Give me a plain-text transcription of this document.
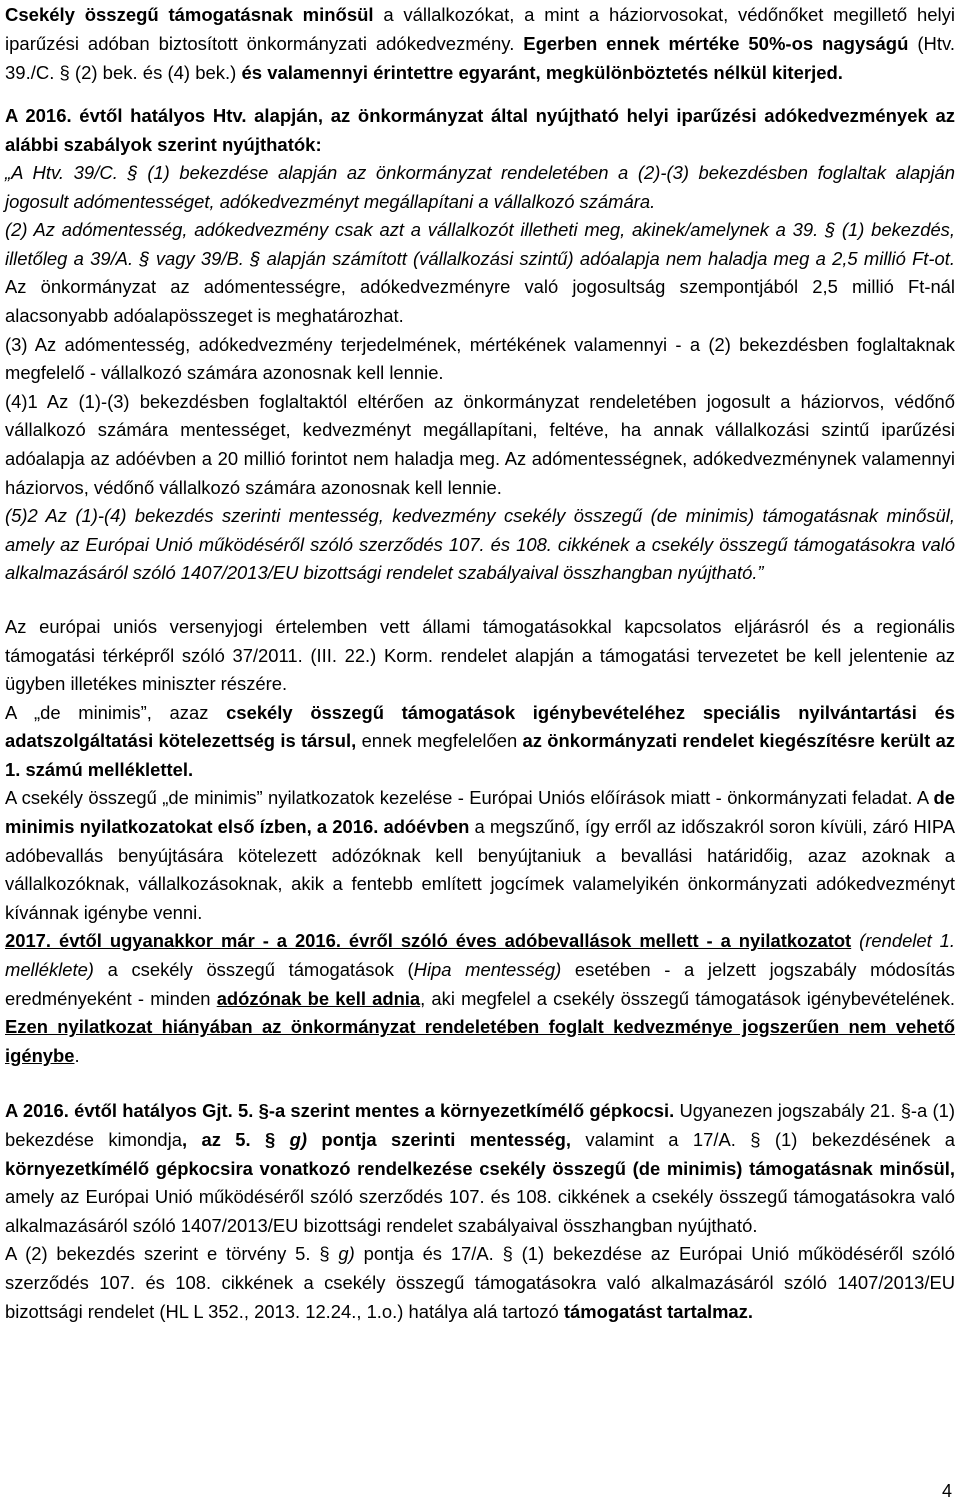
Csekély összegű támogatásnak minősül a vállalkozókat, a mint a háziorvosokat, védőnőket megillető helyi iparűzési adóban biztosított önkormányzati adókedvezmény. Egerben ennek mértéke 50%-os nagyságú (Htv. 39./C. § (2) bek. és (4) bek.) és valamennyi érintettre egyaránt, megkülönböztetés nélkül kiterjed.

A 2016. évtől hatályos Htv. alapján, az önkormányzat által nyújtható helyi iparűzési adókedvezmények az alábbi szabályok szerint nyújthatók:

„A Htv. 39/C. § (1) bekezdése alapján az önkormányzat rendeletében a (2)-(3) bekezdésben foglaltak alapján jogosult adómentességet, adókedvezményt megállapítani a vállalkozó számára.

(2) Az adómentesség, adókedvezmény csak azt a vállalkozót illetheti meg, akinek/amelynek a 39. § (1) bekezdés, illetőleg a 39/A. § vagy 39/B. § alapján számított (vállalkozási szintű) adóalapja nem haladja meg a 2,5 millió Ft-ot. Az önkormányzat az adómentességre, adókedvezményre való jogosultság szempontjából 2,5 millió Ft-nál alacsonyabb adóalapösszeget is meghatározhat.

(3) Az adómentesség, adókedvezmény terjedelmének, mértékének valamennyi - a (2) bekezdésben foglaltaknak megfelelő - vállalkozó számára azonosnak kell lennie.

(4)1 Az (1)-(3) bekezdésben foglaltaktól eltérően az önkormányzat rendeletében jogosult a háziorvos, védőnő vállalkozó számára mentességet, kedvezményt megállapítani, feltéve, ha annak vállalkozási szintű iparűzési adóalapja az adóévben a 20 millió forintot nem haladja meg. Az adómentességnek, adókedvezménynek valamennyi háziorvos, védőnő vállalkozó számára azonosnak kell lennie.

(5)2 Az (1)-(4) bekezdés szerinti mentesség, kedvezmény csekély összegű (de minimis) támogatásnak minősül, amely az Európai Unió működéséről szóló szerződés 107. és 108. cikkének a csekély összegű támogatásokra való alkalmazásáról szóló 1407/2013/EU bizottsági rendelet szabályaival összhangban nyújtható.”

Az európai uniós versenyjogi értelemben vett állami támogatásokkal kapcsolatos eljárásról és a regionális támogatási térképről szóló 37/2011. (III. 22.) Korm. rendelet alapján a támogatási tervezetet be kell jelentenie az ügyben illetékes miniszter részére.

A „de minimis”, azaz csekély összegű támogatások igénybevételéhez speciális nyilvántartási és adatszolgáltatási kötelezettség is társul, ennek megfelelően az önkormányzati rendelet kiegészítésre került az 1. számú melléklettel.

A csekély összegű „de minimis” nyilatkozatok kezelése - Európai Uniós előírások miatt - önkormányzati feladat. A de minimis nyilatkozatokat első ízben, a 2016. adóévben a megszűnő, így erről az időszakról soron kívüli, záró HIPA adóbevallás benyújtására kötelezett adózóknak kell benyújtaniuk a bevallási határidőig, azaz azoknak a vállalkozóknak, vállalkozásoknak, akik a fentebb említett jogcímek valamelyikén önkormányzati adókedvezményt kívánnak igénybe venni.

2017. évtől ugyanakkor már - a 2016. évről szóló éves adóbevallások mellett - a nyilatkozatot (rendelet 1. melléklete) a csekély összegű támogatások (Hipa mentesség) esetében - a jelzett jogszabály módosítás eredményeként - minden adózónak be kell adnia, aki megfelel a csekély összegű támogatások igénybevételének. Ezen nyilatkozat hiányában az önkormányzat rendeletében foglalt kedvezménye jogszerűen nem vehető igénybe.

A 2016. évtől hatályos Gjt. 5. §-a szerint mentes a környezetkímélő gépkocsi. Ugyanezen jogszabály 21. §-a (1) bekezdése kimondja, az 5. § g) pontja szerinti mentesség, valamint a 17/A. § (1) bekezdésének a környezetkímélő gépkocsira vonatkozó rendelkezése csekély összegű (de minimis) támogatásnak minősül, amely az Európai Unió működéséről szóló szerződés 107. és 108. cikkének a csekély összegű támogatásokra való alkalmazásáról szóló 1407/2013/EU bizottsági rendelet szabályaival összhangban nyújtható.

A (2) bekezdés szerint e törvény 5. § g) pontja és 17/A. § (1) bekezdése az Európai Unió működéséről szóló szerződés 107. és 108. cikkének a csekély összegű támogatásokra való alkalmazásáról szóló 1407/2013/EU bizottsági rendelet (HL L 352., 2013. 12.24., 1.o.) hatálya alá tartozó támogatást tartalmaz.

4
